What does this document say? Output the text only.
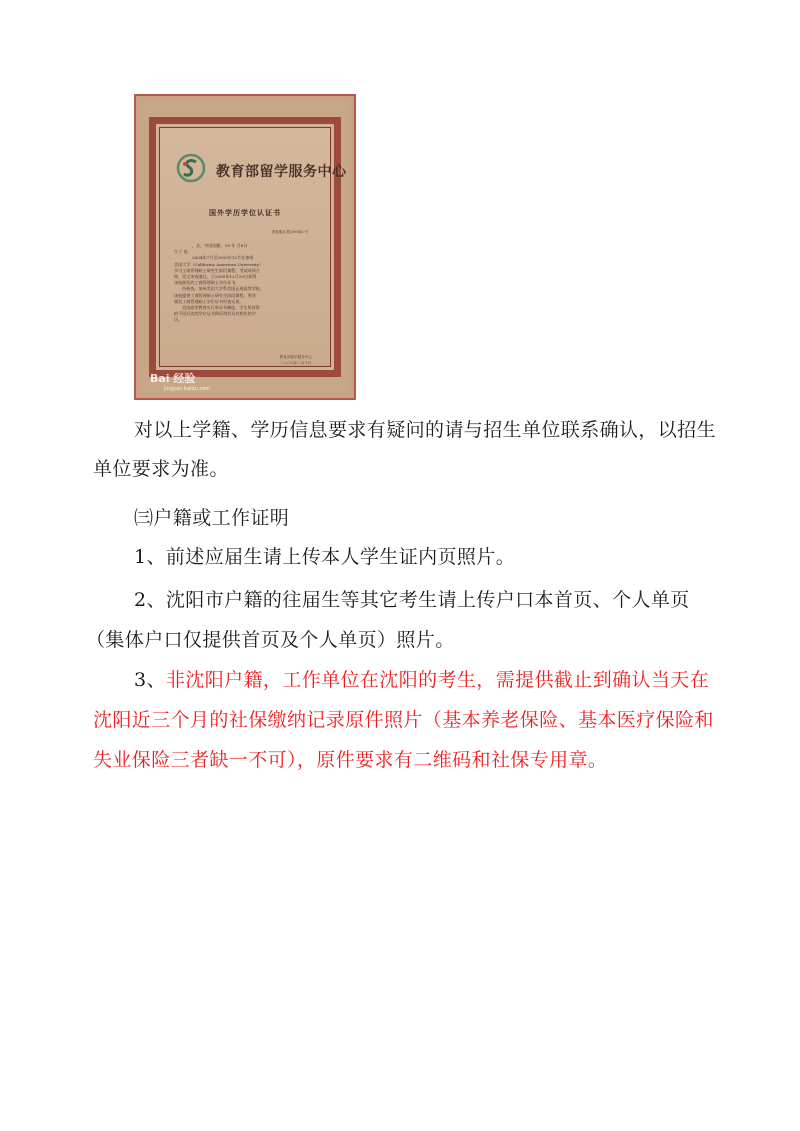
教育部留学服务中心
国外学历学位认证书
教留服认美[2006]3 号

，女，中国国籍，19 年 月6日

生于 省。

2004年7月至2005年12月在加州

美国大学（California American University）

学习工商管理硕士研究生阶段课程，考试成绩合

格，论文审查通过，于2005年12月29日获得

该校颁发的工商管理硕士学位证书。

经核查，加州美国大学系美国正规高等学校，

该校提供工商管理硕士研究生阶段课程，所获

颁发工商管理硕士学位证书经查无误。

美国高等教育实行单证书制度，学生所获得

的不同层次的学位证书即证明其具有相应的学

历。

教育部留学服务中心
二○○六年二月十日
Bai 经验
jingyan.baidu.com
对以上学籍、学历信息要求有疑问的请与招生单位联系确认，以招生
单位要求为准。
㈢户籍或工作证明
1、前述应届生请上传本人学生证内页照片。
2、沈阳市户籍的往届生等其它考生请上传户口本首页、个人单页
（集体户口仅提供首页及个人单页）照片。
3、非沈阳户籍，工作单位在沈阳的考生，需提供截止到确认当天在
沈阳近三个月的社保缴纳记录原件照片（基本养老保险、基本医疗保险和
失业保险三者缺一不可），原件要求有二维码和社保专用章。
